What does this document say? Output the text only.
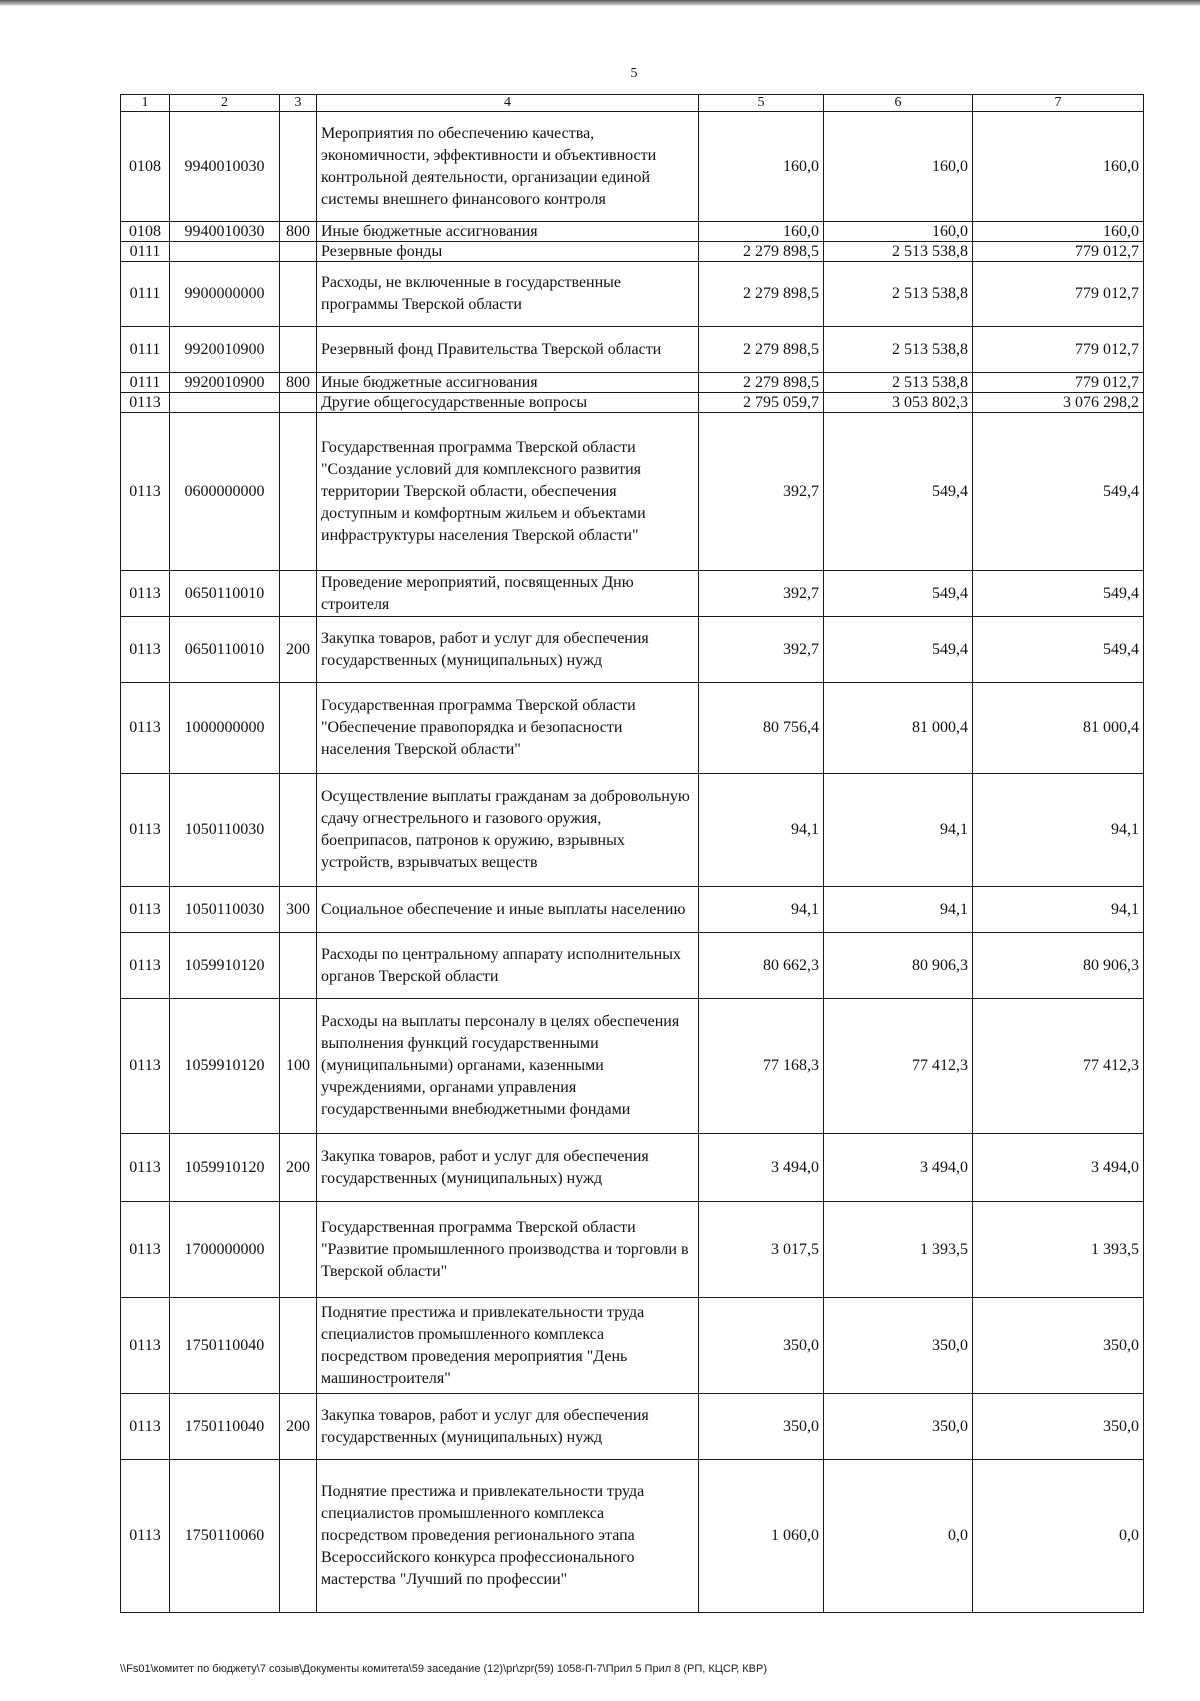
5
1	2	3	4	5	6	7
0108	9940010030		Мероприятия по обеспечению качества, экономичности, эффективности и объективности контрольной деятельности, организации единой системы внешнего финансового контроля	160,0	160,0	160,0
0108	9940010030	800	Иные бюджетные ассигнования	160,0	160,0	160,0
0111			Резервные фонды	2 279 898,5	2 513 538,8	779 012,7
0111	9900000000		Расходы, не включенные в государственные программы Тверской области	2 279 898,5	2 513 538,8	779 012,7
0111	9920010900		Резервный фонд Правительства Тверской области	2 279 898,5	2 513 538,8	779 012,7
0111	9920010900	800	Иные бюджетные ассигнования	2 279 898,5	2 513 538,8	779 012,7
0113			Другие общегосударственные вопросы	2 795 059,7	3 053 802,3	3 076 298,2
0113	0600000000		Государственная программа Тверской области "Создание условий для комплексного развития территории Тверской области, обеспечения доступным и комфортным жильем и объектами инфраструктуры населения Тверской области"	392,7	549,4	549,4
0113	0650110010		Проведение мероприятий, посвященных Дню строителя	392,7	549,4	549,4
0113	0650110010	200	Закупка товаров, работ и услуг для обеспечения государственных (муниципальных) нужд	392,7	549,4	549,4
0113	1000000000		Государственная программа Тверской области "Обеспечение правопорядка и безопасности населения Тверской области"	80 756,4	81 000,4	81 000,4
0113	1050110030		Осуществление выплаты гражданам за добровольную сдачу огнестрельного и газового оружия, боеприпасов, патронов к оружию, взрывных устройств, взрывчатых веществ	94,1	94,1	94,1
0113	1050110030	300	Социальное обеспечение и иные выплаты населению	94,1	94,1	94,1
0113	1059910120		Расходы по центральному аппарату исполнительных органов Тверской области	80 662,3	80 906,3	80 906,3
0113	1059910120	100	Расходы на выплаты персоналу в целях обеспечения выполнения функций государственными (муниципальными) органами, казенными учреждениями, органами управления государственными внебюджетными фондами	77 168,3	77 412,3	77 412,3
0113	1059910120	200	Закупка товаров, работ и услуг для обеспечения государственных (муниципальных) нужд	3 494,0	3 494,0	3 494,0
0113	1700000000		Государственная программа Тверской области "Развитие промышленного производства и торговли в Тверской области"	3 017,5	1 393,5	1 393,5
0113	1750110040		Поднятие престижа и привлекательности труда специалистов промышленного комплекса посредством проведения мероприятия "День машиностроителя"	350,0	350,0	350,0
0113	1750110040	200	Закупка товаров, работ и услуг для обеспечения государственных (муниципальных) нужд	350,0	350,0	350,0
0113	1750110060		Поднятие престижа и привлекательности труда специалистов промышленного комплекса посредством проведения регионального этапа Всероссийского конкурса профессионального мастерства "Лучший по профессии"	1 060,0	0,0	0,0
\\Fs01\комитет по бюджету\7 созыв\Документы комитета\59 заседание (12)\pr\zpr(59) 1058-П-7\Прил 5 Прил 8 (РП, КЦСР, КВР)
